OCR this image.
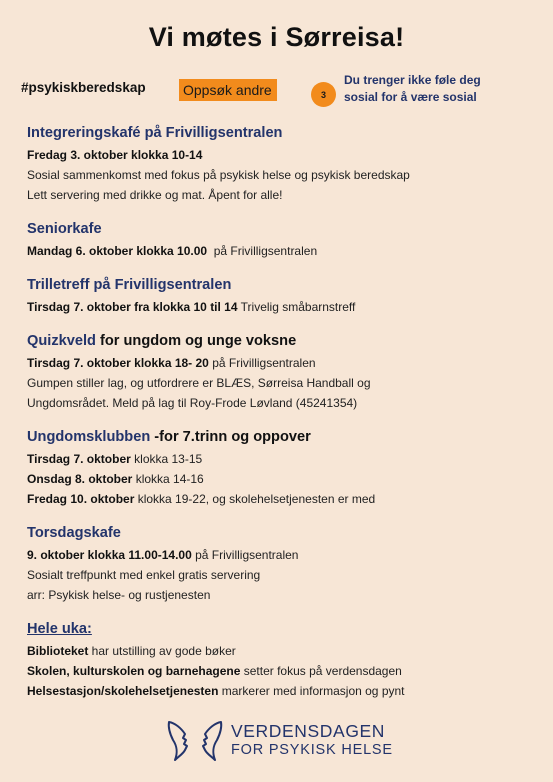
Vi møtes i Sørreisa!
#psykiskberedskap	Oppsøk andre	3
Du trenger ikke føle deg
sosial for å være sosial
Integreringskafé på Frivilligsentralen
Fredag 3. oktober klokka 10-14
Sosial sammenkomst med fokus på psykisk helse og psykisk beredskap
Lett servering med drikke og mat. Åpent for alle!
Seniorkafe
Mandag 6. oktober klokka 10.00  på Frivilligsentralen
Trilletreff på Frivilligsentralen
Tirsdag 7. oktober fra klokka 10 til 14 Trivelig småbarnstreff
Quizkveld for ungdom og unge voksne
Tirsdag 7. oktober klokka 18- 20 på Frivilligsentralen
Gumpen stiller lag, og utfordrere er BLÆS, Sørreisa Handball og
Ungdomsrådet. Meld på lag til Roy-Frode Løvland (45241354)
Ungdomsklubben -for 7.trinn og oppover
Tirsdag 7. oktober klokka 13-15
Onsdag 8. oktober klokka 14-16
Fredag 10. oktober klokka 19-22, og skolehelsetjenesten er med
Torsdagskafe
9. oktober klokka 11.00-14.00 på Frivilligsentralen
Sosialt treffpunkt med enkel gratis servering
arr: Psykisk helse- og rustjenesten
Hele uka:
Biblioteket har utstilling av gode bøker
Skolen, kulturskolen og barnehagene setter fokus på verdensdagen
Helsestasjon/skolehelsetjenesten markerer med informasjon og pynt
VERDENSDAGEN
FOR PSYKISK HELSE
